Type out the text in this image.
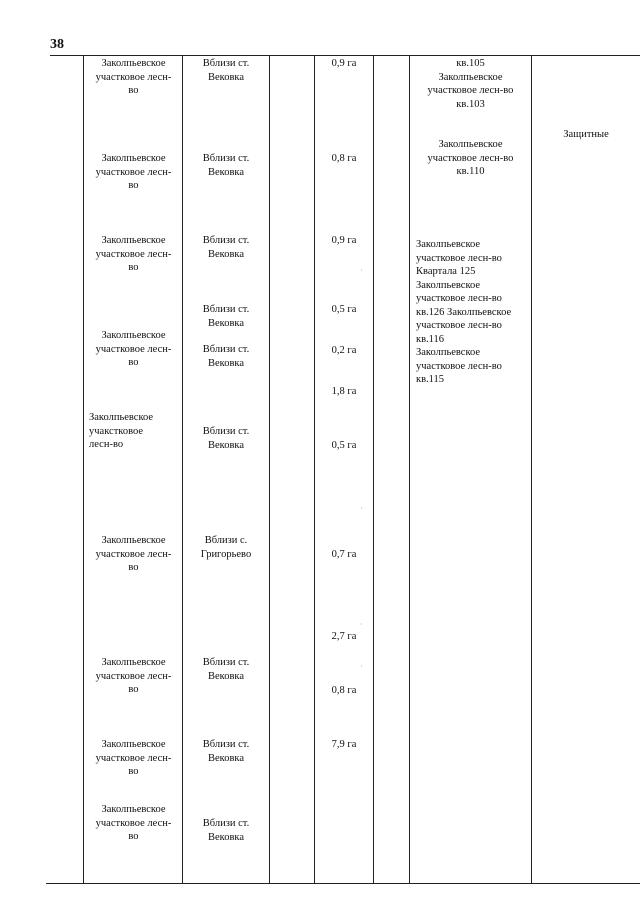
38
·
·
·
·
Заколпьевское
участковое лесн-
во
Вблизи ст.
Вековка
0,9 га
Заколпьевское
участковое лесн-
во
Вблизи ст.
Вековка
0,8 га
Заколпьевское
участковое лесн-
во
Вблизи ст.
Вековка
0,9 га
Вблизи ст.
Вековка
0,5 га
Заколпьевское
участковое лесн-
во
Вблизи ст.
Вековка
0,2 га
1,8 га
Заколпьевское
учакстковое
лесн-во
Вблизи ст.
Вековка	0,5 га
Заколпьевское
участковое лесн-
во
Вблизи с.
Григорьево	0,7 га
2,7 га
Заколпьевское
участковое лесн-
во
Вблизи ст.
Вековка
0,8 га
Заколпьевское
участковое лесн-
во
Вблизи ст.
Вековка
7,9 га
Заколпьевское
участковое лесн-
во
Вблизи ст.
Вековка
кв.105
Заколпьевское
участковое лесн-во
кв.103
Заколпьевское
участковое лесн-во
кв.110
Заколпьевское
участковое лесн-во
Квартала 125
Заколпьевское
участковое лесн-во
кв.126 Заколпьевское
участковое лесн-во
кв.116
Заколпьевское
участковое лесн-во
кв.115
Защитные
